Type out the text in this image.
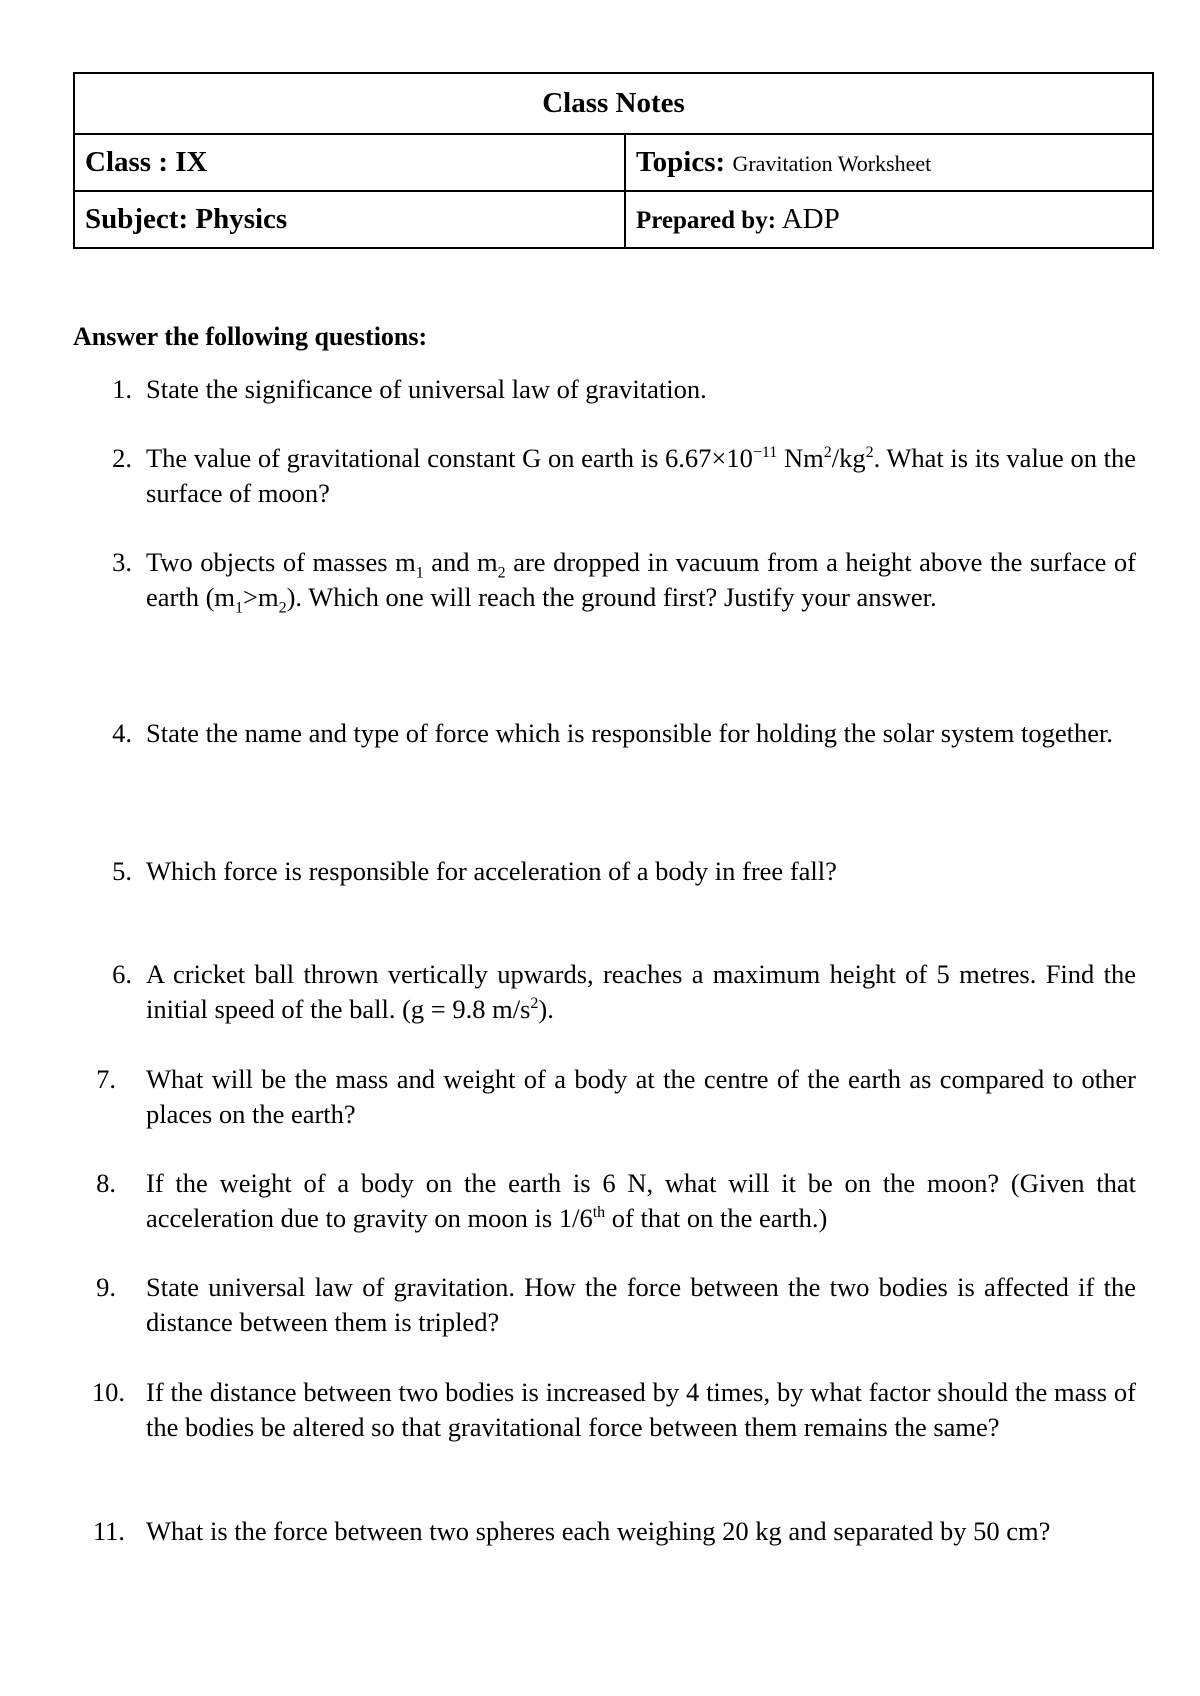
Class Notes	
Class : IX	Topics: Gravitation Worksheet
Subject: Physics	Prepared by: ADP
Answer the following questions:
1. State the significance of universal law of gravitation.
2. The value of gravitational constant G on earth is $6.67\times 10^{-11}$ $Nm^2/kg^2$. What is its value on the surface of moon?
3. Two objects of masses $m_1$ and $m_2$ are dropped in vacuum from a height above the surface of earth $(m_1>m_2)$. Which one will reach the ground first? Justify your answer.
4. State the name and type of force which is responsible for holding the solar system together.
5. Which force is responsible for acceleration of a body in free fall?
6. A cricket ball thrown vertically upwards, reaches a maximum height of 5 metres. Find the initial speed of the ball. (g = 9.8 $m/s^2$).
7. What will be the mass and weight of a body at the centre of the earth as compared to other places on the earth?
8. If the weight of a body on the earth is 6 N, what will it be on the moon? (Given that acceleration due to gravity on moon is 1/6th of that on the earth.)
9. State universal law of gravitation. How the force between the two bodies is affected if the distance between them is tripled?
10. If the distance between two bodies is increased by 4 times, by what factor should the mass of the bodies be altered so that gravitational force between them remains the same?
11. What is the force between two spheres each weighing 20 kg and separated by 50 cm?
